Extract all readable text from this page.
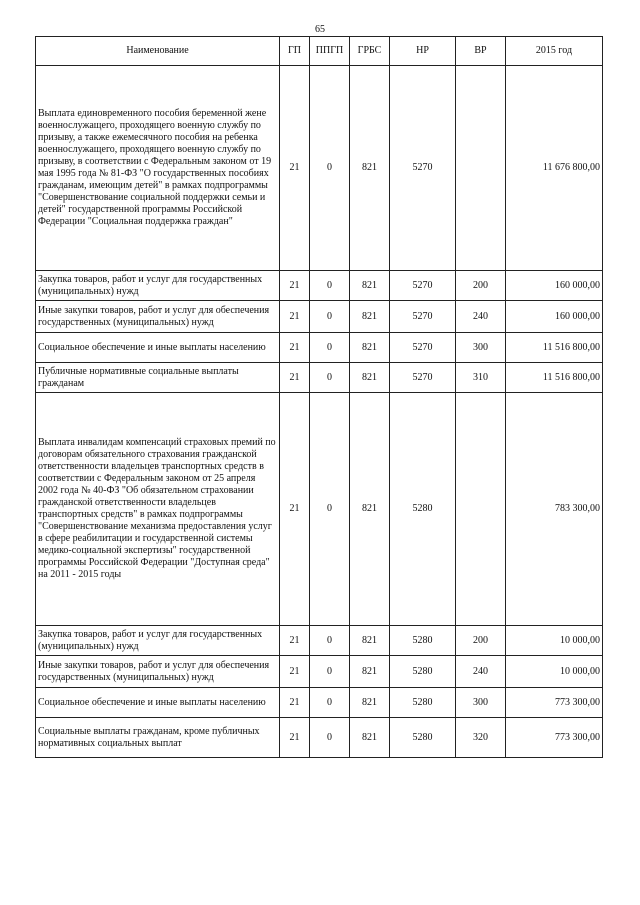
65
Наименование	ГП	ППГП	ГРБС	НР	ВР	2015 год
Выплата единовременного пособия беременной жене военнослужащего, проходящего военную службу по призыву, а также ежемесячного пособия на ребенка военнослужащего, проходящего военную службу по призыву, в соответствии с Федеральным законом от 19 мая 1995 года № 81-ФЗ "О государственных пособиях гражданам, имеющим детей" в рамках подпрограммы "Совершенствование социальной поддержки семьи и детей" государственной программы Российской Федерации "Социальная поддержка граждан"	21	0	821	5270		11 676 800,00
Закупка товаров, работ и услуг для государственных (муниципальных) нужд	21	0	821	5270	200	160 000,00
Иные закупки товаров, работ и услуг для обеспечения государственных (муниципальных) нужд	21	0	821	5270	240	160 000,00
Социальное обеспечение и иные выплаты населению	21	0	821	5270	300	11 516 800,00
Публичные нормативные социальные выплаты гражданам	21	0	821	5270	310	11 516 800,00
Выплата инвалидам компенсаций страховых премий по договорам обязательного страхования гражданской ответственности владельцев транспортных средств в соответствии с Федеральным законом от 25 апреля 2002 года № 40-ФЗ "Об обязательном страховании гражданской ответственности владельцев транспортных средств" в рамках подпрограммы "Совершенствование механизма предоставления услуг в сфере реабилитации и государственной системы медико-социальной экспертизы" государственной программы Российской Федерации "Доступная среда" на 2011 - 2015 годы	21	0	821	5280		783 300,00
Закупка товаров, работ и услуг для государственных (муниципальных) нужд	21	0	821	5280	200	10 000,00
Иные закупки товаров, работ и услуг для обеспечения государственных (муниципальных) нужд	21	0	821	5280	240	10 000,00
Социальное обеспечение и иные выплаты населению	21	0	821	5280	300	773 300,00
Социальные выплаты гражданам, кроме публичных нормативных социальных выплат	21	0	821	5280	320	773 300,00
